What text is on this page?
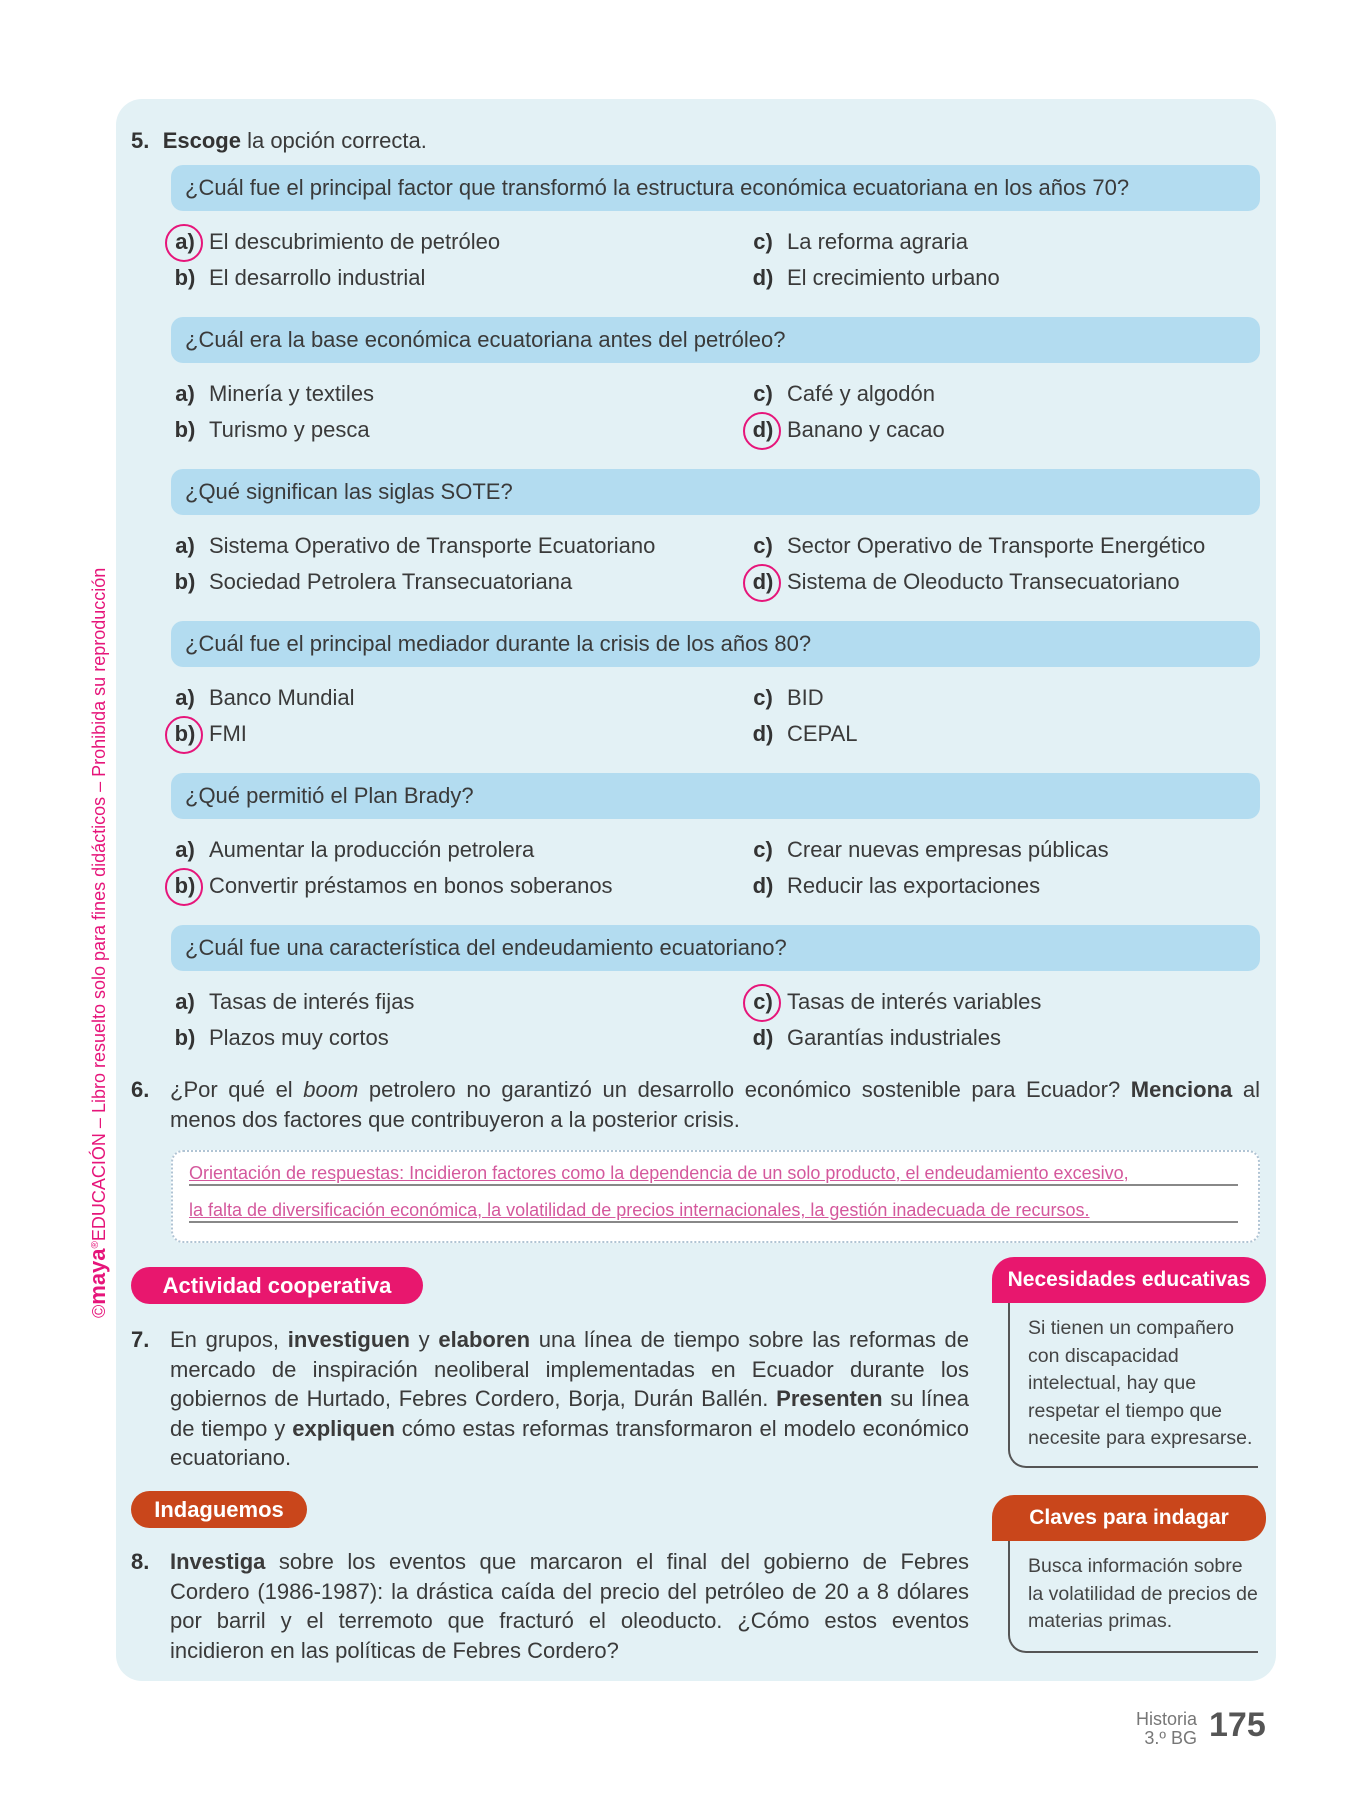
©maya®EDUCACIÓN – Libro resuelto solo para fines didácticos – Prohibida su reproducción
5. Escoge la opción correcta.
¿Cuál fue el principal factor que transformó la estructura económica ecuatoriana en los años 70?
a) El descubrimiento de petróleo
b) El desarrollo industrial
c) La reforma agraria
d) El crecimiento urbano
¿Cuál era la base económica ecuatoriana antes del petróleo?
a) Minería y textiles
b) Turismo y pesca
c) Café y algodón
d) Banano y cacao
¿Qué significan las siglas SOTE?
a) Sistema Operativo de Transporte Ecuatoriano
b) Sociedad Petrolera Transecuatoriana
c) Sector Operativo de Transporte Energético
d) Sistema de Oleoducto Transecuatoriano
¿Cuál fue el principal mediador durante la crisis de los años 80?
a) Banco Mundial
b) FMI
c) BID
d) CEPAL
¿Qué permitió el Plan Brady?
a) Aumentar la producción petrolera
b) Convertir préstamos en bonos soberanos
c) Crear nuevas empresas públicas
d) Reducir las exportaciones
¿Cuál fue una característica del endeudamiento ecuatoriano?
a) Tasas de interés fijas
b) Plazos muy cortos
c) Tasas de interés variables
d) Garantías industriales
6. ¿Por qué el boom petrolero no garantizó un desarrollo económico sostenible para Ecuador? Menciona al menos dos factores que contribuyeron a la posterior crisis.
Orientación de respuestas: Incidieron factores como la dependencia de un solo producto, el endeudamiento excesivo,
la falta de diversificación económica, la volatilidad de precios internacionales, la gestión inadecuada de recursos.
Actividad cooperativa
7. En grupos, investiguen y elaboren una línea de tiempo sobre las reformas de mercado de inspiración neoliberal implementadas en Ecuador durante los gobiernos de Hurtado, Febres Cordero, Borja, Durán Ballén. Presenten su línea de tiempo y expliquen cómo estas reformas transformaron el modelo económico ecuatoriano.
Necesidades educativas
Si tienen un compañero con discapacidad intelectual, hay que respetar el tiempo que necesite para expresarse.
Indaguemos
8. Investiga sobre los eventos que marcaron el final del gobierno de Febres Cordero (1986-1987): la drástica caída del precio del petróleo de 20 a 8 dólares por barril y el terremoto que fracturó el oleoducto. ¿Cómo estos eventos incidieron en las políticas de Febres Cordero?
Claves para indagar
Busca información sobre la volatilidad de precios de materias primas.
Historia
3.º BG 175
